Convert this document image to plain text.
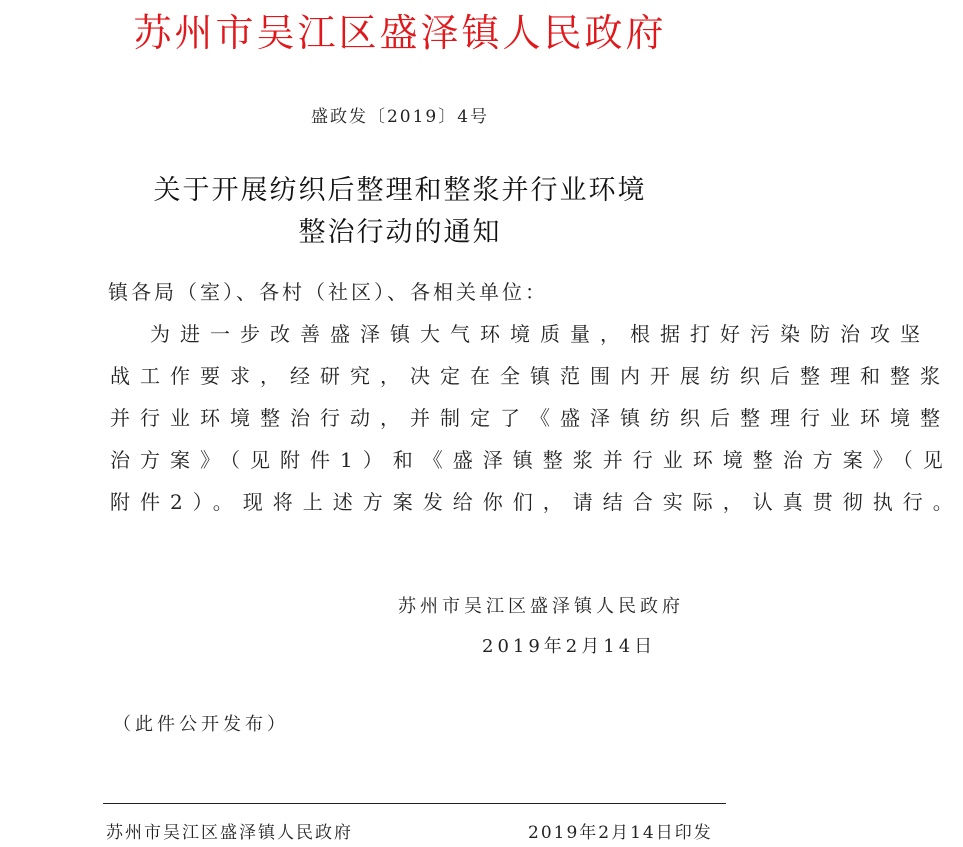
苏州市吴江区盛泽镇人民政府
盛政发〔2019〕4号
关于开展纺织后整理和整浆并行业环境
整治行动的通知
镇各局（室）、各村（社区）、各相关单位：
为进一步改善盛泽镇大气环境质量，根据打好污染防治攻坚
战工作要求，经研究，决定在全镇范围内开展纺织后整理和整浆
并行业环境整治行动，并制定了《盛泽镇纺织后整理行业环境整
治方案》（见附件1）和《盛泽镇整浆并行业环境整治方案》（见
附件2）。现将上述方案发给你们，请结合实际，认真贯彻执行。
苏州市吴江区盛泽镇人民政府
2019年2月14日
（此件公开发布）
苏州市吴江区盛泽镇人民政府	2019年2月14日印发
